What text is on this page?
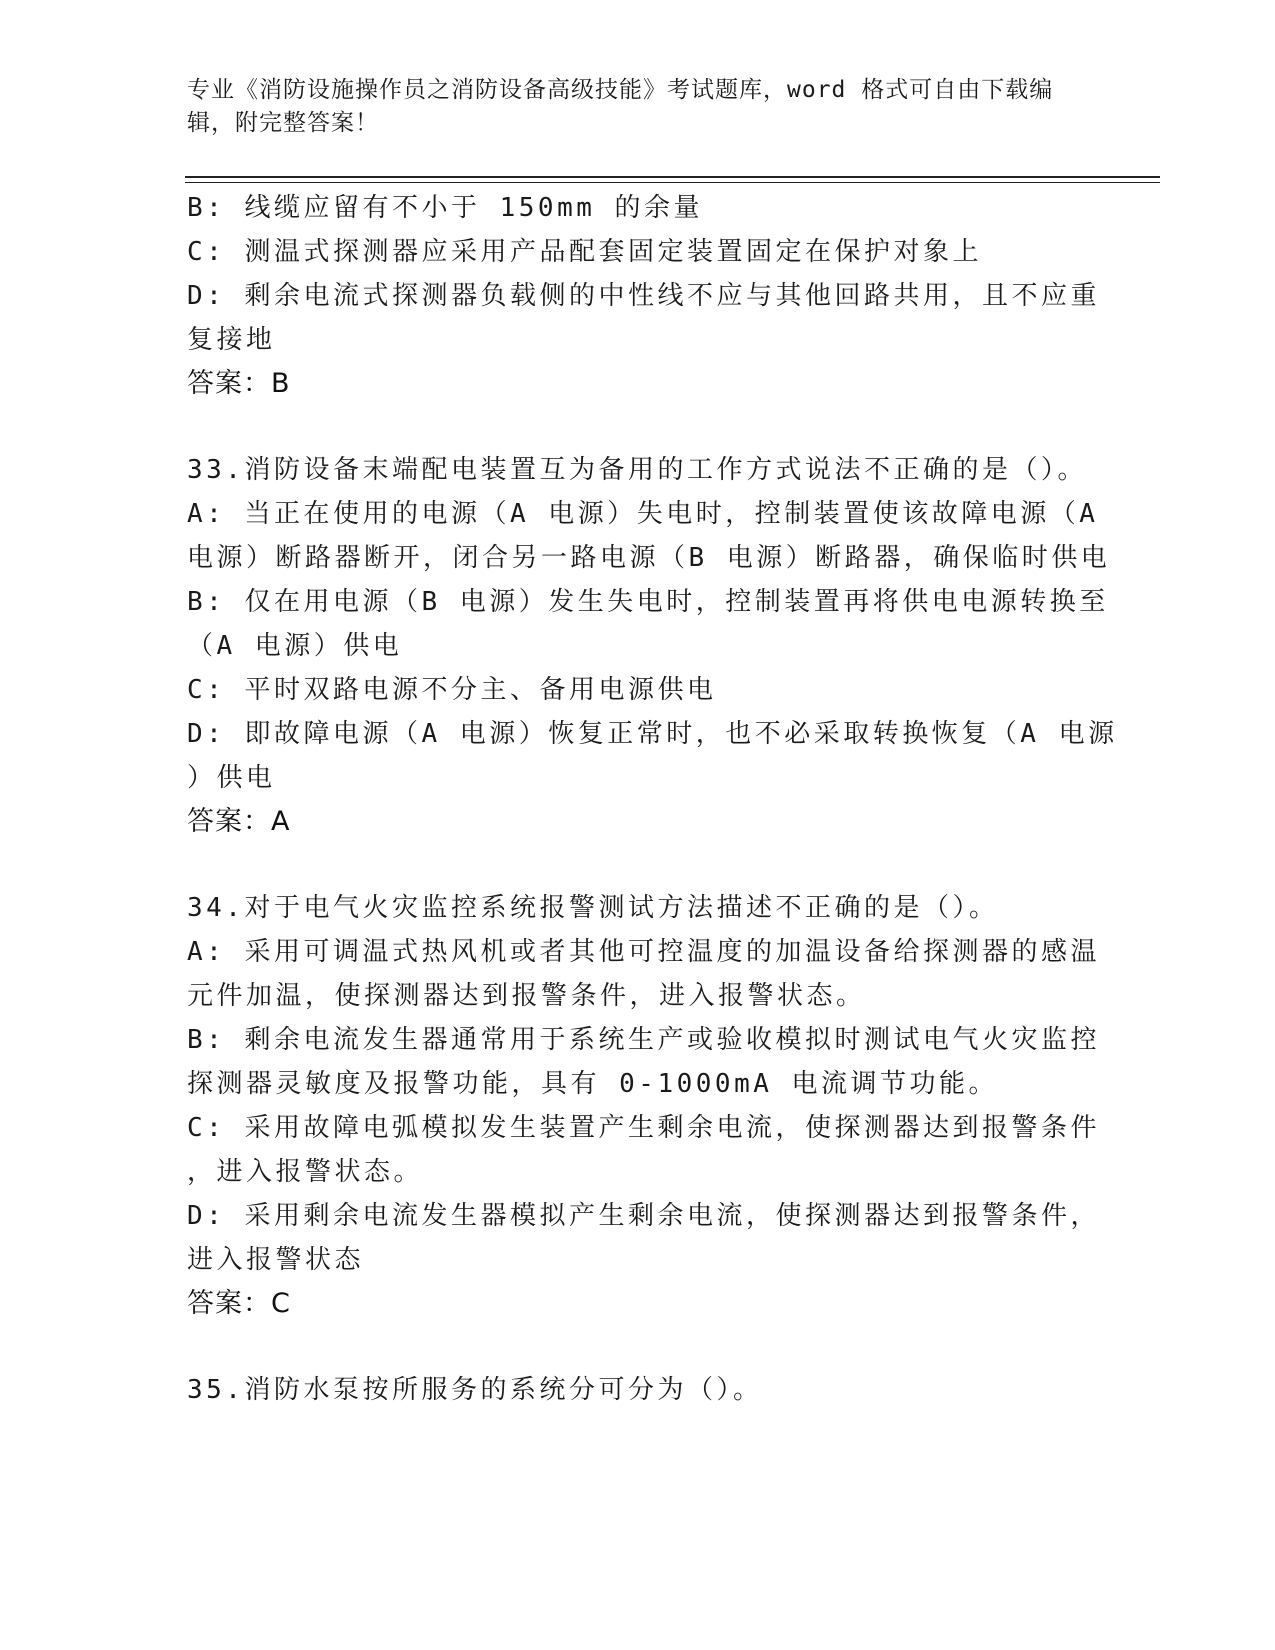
专业《消防设施操作员之消防设备高级技能》考试题库，word 格式可自由下载编
辑，附完整答案！
B: 线缆应留有不小于 150mm 的余量
C: 测温式探测器应采用产品配套固定装置固定在保护对象上
D: 剩余电流式探测器负载侧的中性线不应与其他回路共用，且不应重
复接地
答案：B
33.消防设备末端配电装置互为备用的工作方式说法不正确的是（）。
A: 当正在使用的电源（A 电源）失电时，控制装置使该故障电源（A
电源）断路器断开，闭合另一路电源（B 电源）断路器，确保临时供电
B: 仅在用电源（B 电源）发生失电时，控制装置再将供电电源转换至
（A 电源）供电
C: 平时双路电源不分主、备用电源供电
D: 即故障电源（A 电源）恢复正常时，也不必采取转换恢复（A 电源
）供电
答案：A
34.对于电气火灾监控系统报警测试方法描述不正确的是（）。
A: 采用可调温式热风机或者其他可控温度的加温设备给探测器的感温
元件加温，使探测器达到报警条件，进入报警状态。
B: 剩余电流发生器通常用于系统生产或验收模拟时测试电气火灾监控
探测器灵敏度及报警功能，具有 0-1000mA 电流调节功能。
C: 采用故障电弧模拟发生装置产生剩余电流，使探测器达到报警条件
，进入报警状态。
D: 采用剩余电流发生器模拟产生剩余电流，使探测器达到报警条件，
进入报警状态
答案：C
35.消防水泵按所服务的系统分可分为（）。
